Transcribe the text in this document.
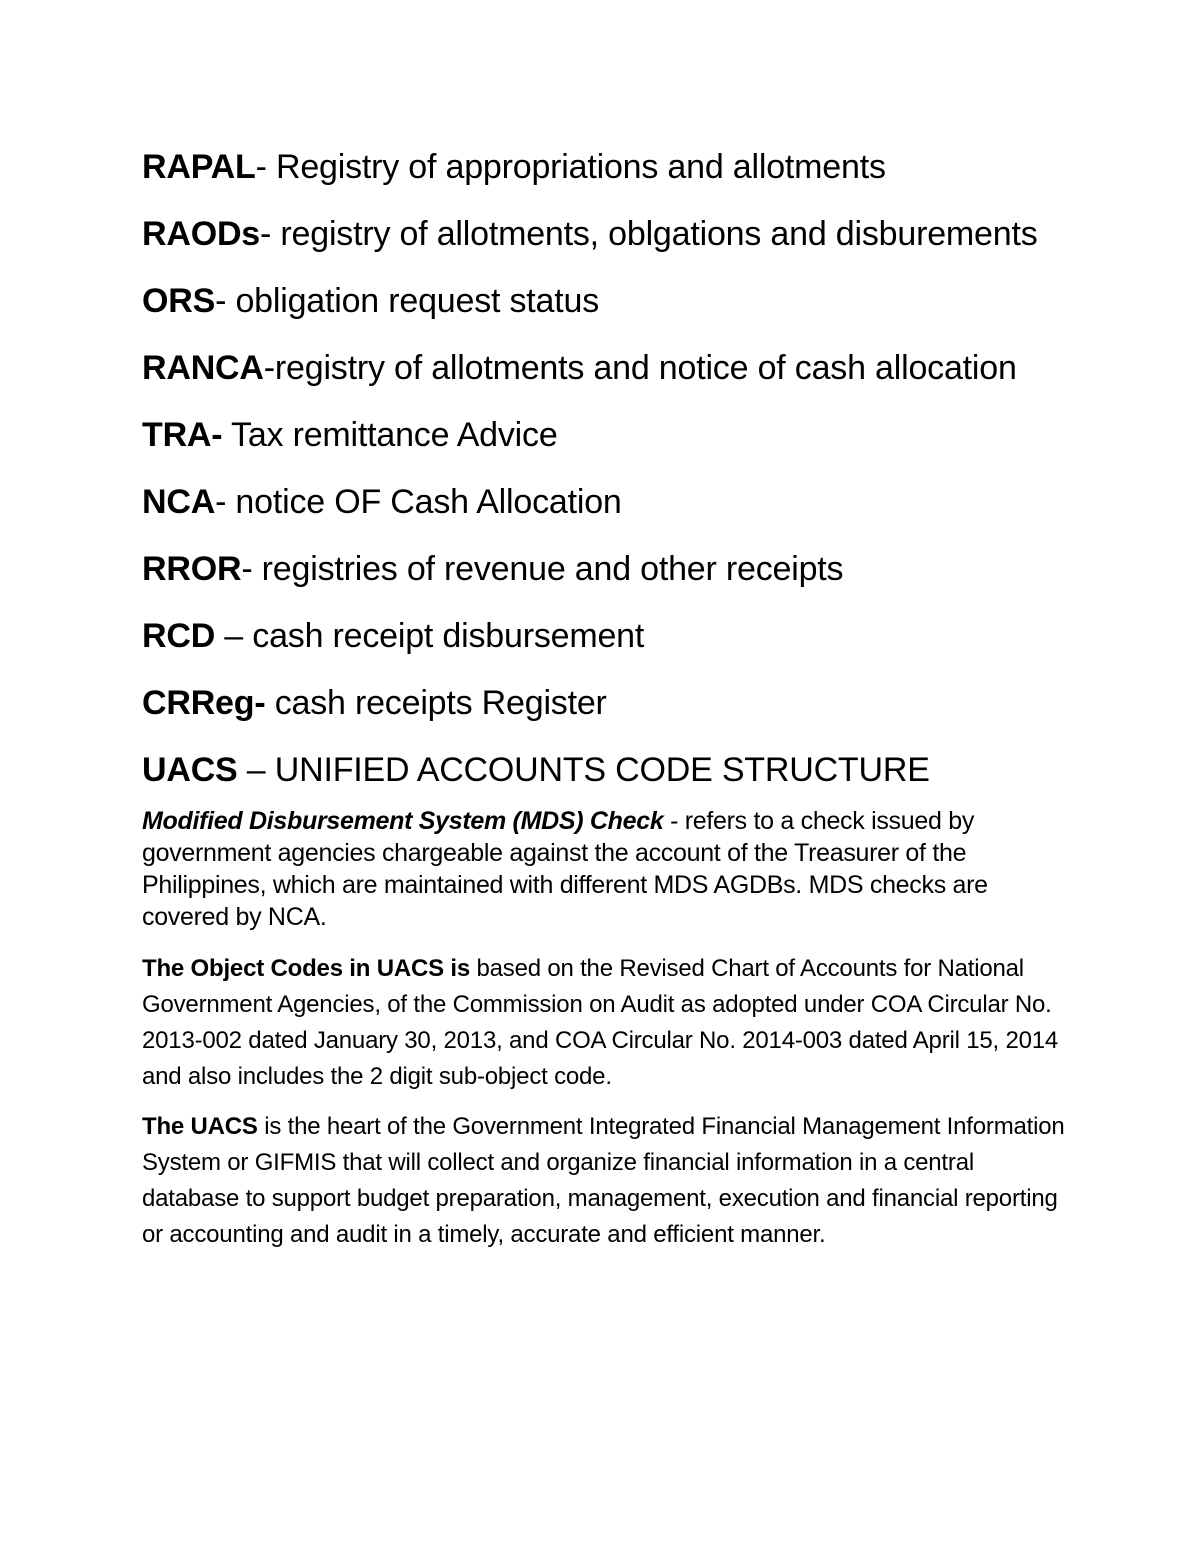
RAPAL- Registry of appropriations and allotments

RAODs- registry of allotments, oblgations and disburements

ORS- obligation request status

RANCA-registry of allotments and notice of cash allocation

TRA- Tax remittance Advice

NCA- notice OF Cash Allocation

RROR- registries of revenue and other receipts

RCD – cash receipt disbursement

CRReg- cash receipts Register

UACS – UNIFIED ACCOUNTS CODE STRUCTURE

Modified Disbursement System (MDS) Check - refers to a check issued by government agencies chargeable against the account of the Treasurer of the Philippines, which are maintained with different MDS AGDBs. MDS checks are covered by NCA.

The Object Codes in UACS is based on the Revised Chart of Accounts for National Government Agencies, of the Commission on Audit as adopted under COA Circular No. 2013-002 dated January 30, 2013, and COA Circular No. 2014-003 dated April 15, 2014 and also includes the 2 digit sub-object code.

The UACS is the heart of the Government Integrated Financial Management Information System or GIFMIS that will collect and organize financial information in a central database to support budget preparation, management, execution and financial reporting or accounting and audit in a timely, accurate and efficient manner.
